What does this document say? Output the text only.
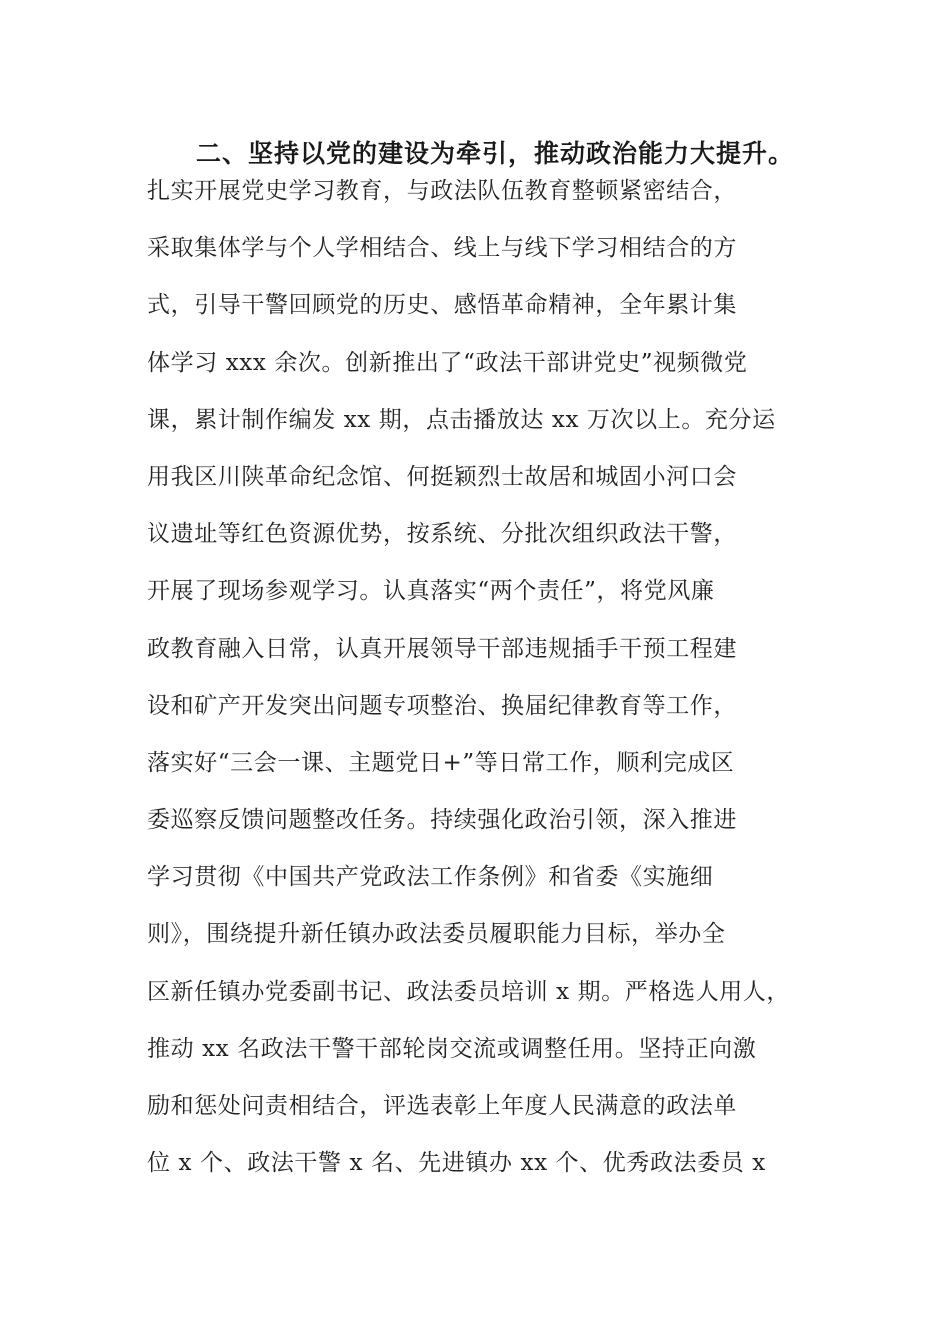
二、坚持以党的建设为牵引，推动政治能力大提升。
扎实开展党史学习教育，与政法队伍教育整顿紧密结合，
采取集体学与个人学相结合、线上与线下学习相结合的方
式，引导干警回顾党的历史、感悟革命精神，全年累计集
体学习 xxx 余次。创新推出了“政法干部讲党史”视频微党
课，累计制作编发 xx 期，点击播放达 xx 万次以上。充分运
用我区川陕革命纪念馆、何挺颖烈士故居和城固小河口会
议遗址等红色资源优势，按系统、分批次组织政法干警，
开展了现场参观学习。认真落实“两个责任”，将党风廉
政教育融入日常，认真开展领导干部违规插手干预工程建
设和矿产开发突出问题专项整治、换届纪律教育等工作，
落实好“三会一课、主题党日+”等日常工作，顺利完成区
委巡察反馈问题整改任务。持续强化政治引领，深入推进
学习贯彻《中国共产党政法工作条例》和省委《实施细
则》，围绕提升新任镇办政法委员履职能力目标，举办全
区新任镇办党委副书记、政法委员培训 x 期。严格选人用人，
推动 xx 名政法干警干部轮岗交流或调整任用。坚持正向激
励和惩处问责相结合，评选表彰上年度人民满意的政法单
位 x 个、政法干警 x 名、先进镇办 xx 个、优秀政法委员 x
